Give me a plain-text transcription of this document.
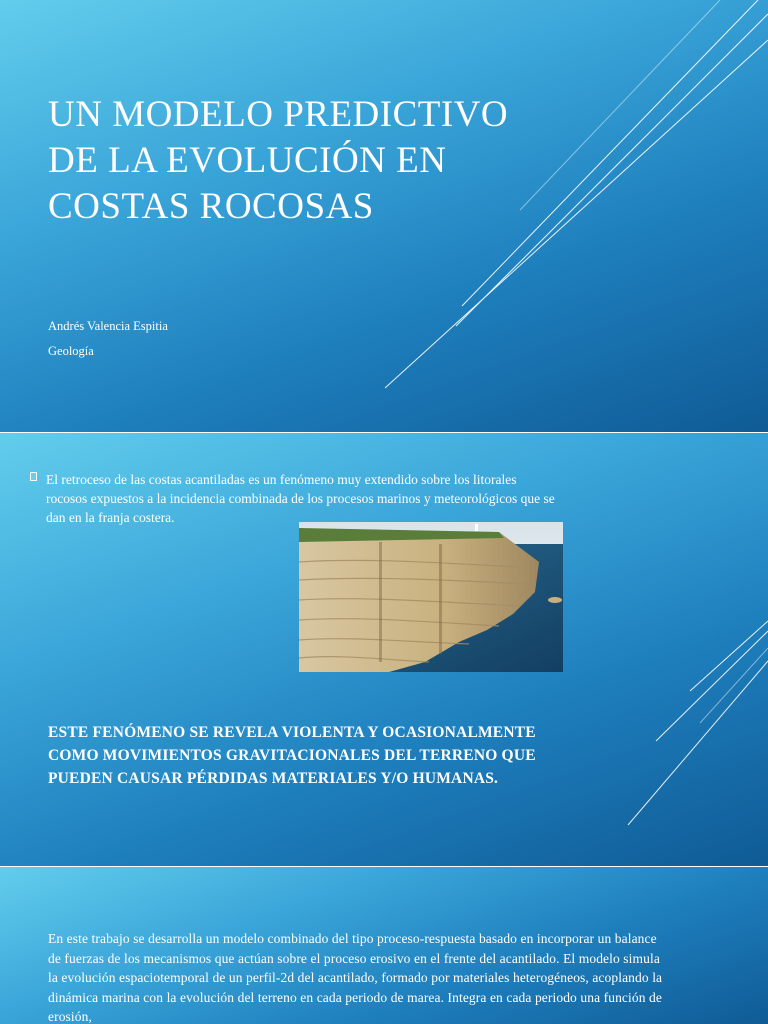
UN MODELO PREDICTIVO DE LA EVOLUCIÓN EN COSTAS ROCOSAS
Andrés Valencia Espitia
Geología

El retroceso de las costas acantiladas es un fenómeno muy extendido sobre los litorales rocosos expuestos a la incidencia combinada de los procesos marinos y meteorológicos que se dan en la franja costera.

ESTE FENÓMENO SE REVELA VIOLENTA Y OCASIONALMENTE COMO MOVIMIENTOS GRAVITACIONALES DEL TERRENO QUE PUEDEN CAUSAR PÉRDIDAS MATERIALES Y/O HUMANAS.

En este trabajo se desarrolla un modelo combinado del tipo proceso-respuesta basado en incorporar un balance de fuerzas de los mecanismos que actúan sobre el proceso erosivo en el frente del acantilado. El modelo simula la evolución espaciotemporal de un perfil-2d del acantilado, formado por materiales heterogéneos, acoplando la dinámica marina con la evolución del terreno en cada periodo de marea. Integra en cada periodo una función de erosión,
